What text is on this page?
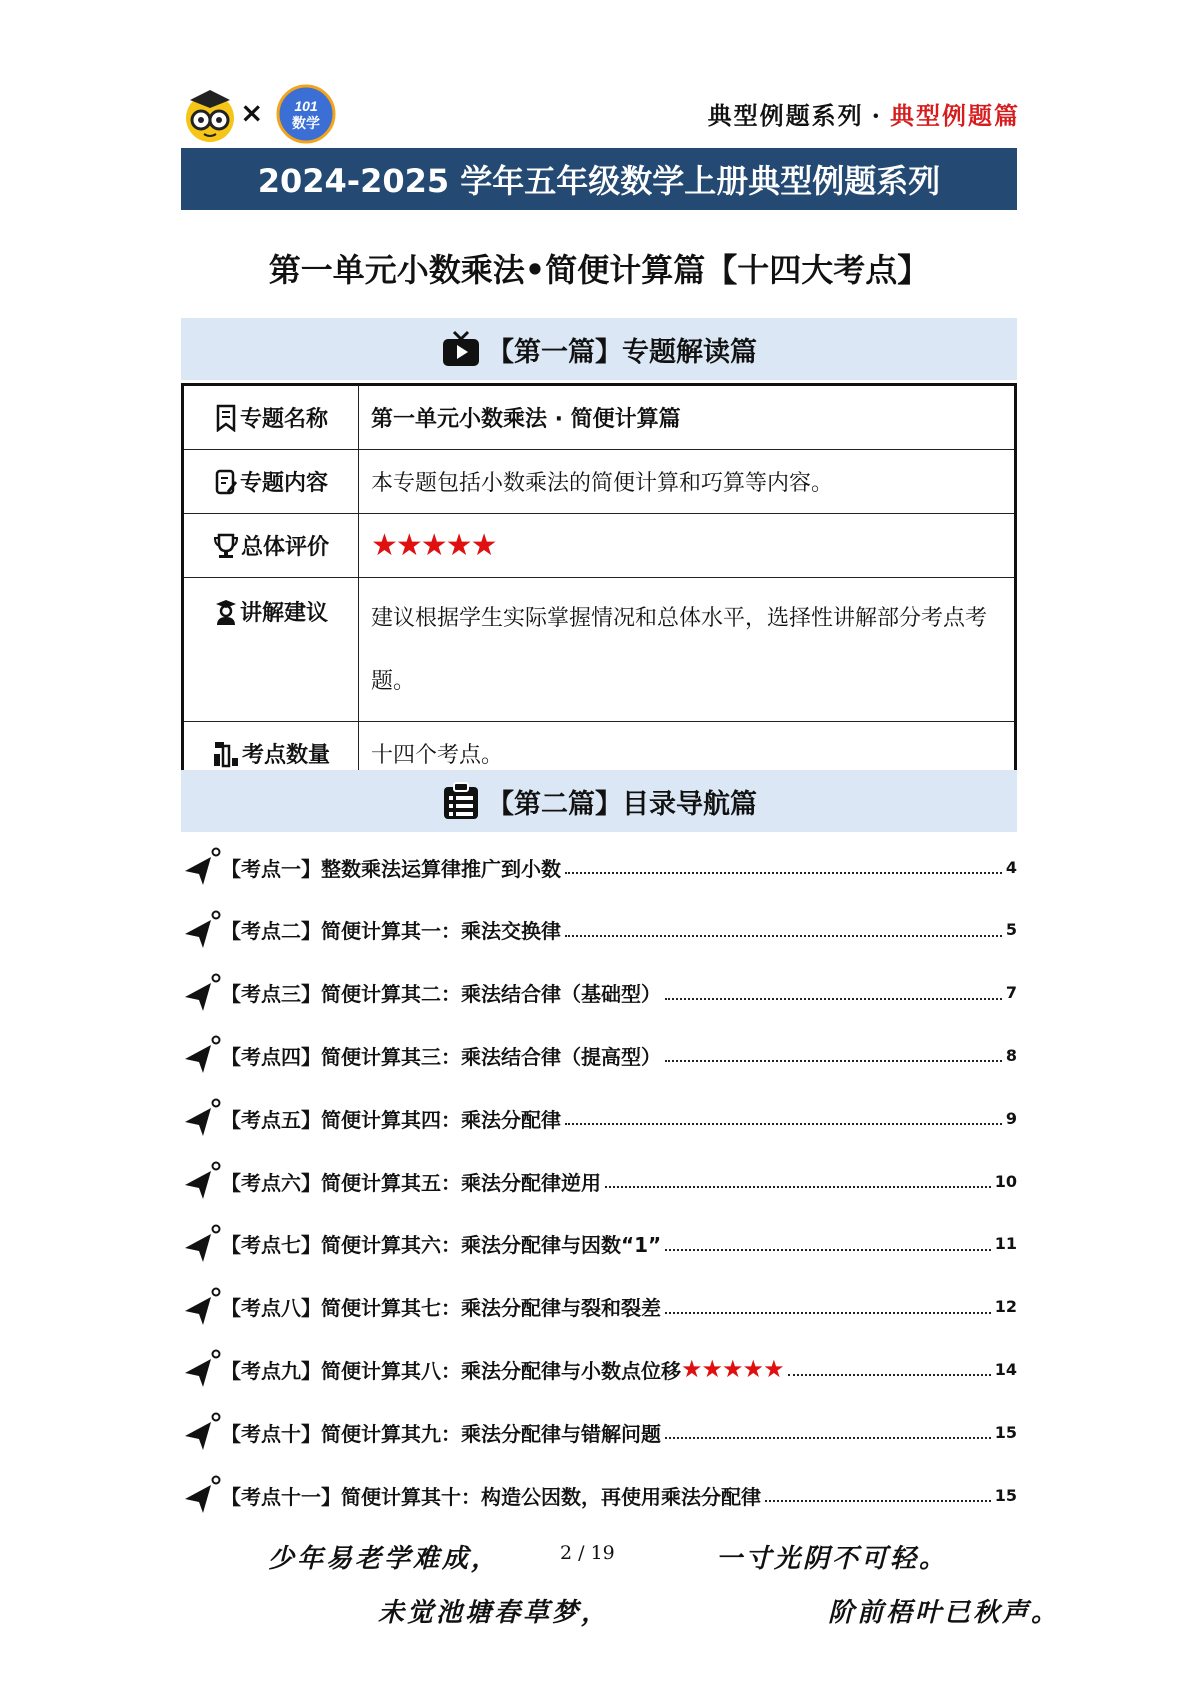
× 101
数学	典型例题系列 · 典型例题篇
2024-2025 学年五年级数学上册典型例题系列
第一单元小数乘法•简便计算篇【十四大考点】
【第一篇】专题解读篇
专题名称	第一单元小数乘法 · 简便计算篇
专题内容	本专题包括小数乘法的简便计算和巧算等内容。
总体评价	★★★★★
讲解建议	建议根据学生实际掌握情况和总体水平，选择性讲解部分考点考题。
考点数量	十四个考点。
【第二篇】目录导航篇
【考点一】整数乘法运算律推广到小数	4
【考点二】简便计算其一：乘法交换律	5
【考点三】简便计算其二：乘法结合律（基础型）	7
【考点四】简便计算其三：乘法结合律（提高型）	8
【考点五】简便计算其四：乘法分配律	9
【考点六】简便计算其五：乘法分配律逆用	10
【考点七】简便计算其六：乘法分配律与因数“1”	11
【考点八】简便计算其七：乘法分配律与裂和裂差	12
【考点九】简便计算其八：乘法分配律与小数点位移 ★★★★★	14
【考点十】简便计算其九：乘法分配律与错解问题	15
【考点十一】简便计算其十：构造公因数，再使用乘法分配律	15
少年易老学难成，	2 / 19	一寸光阴不可轻。
未觉池塘春草梦，	阶前梧叶已秋声。
